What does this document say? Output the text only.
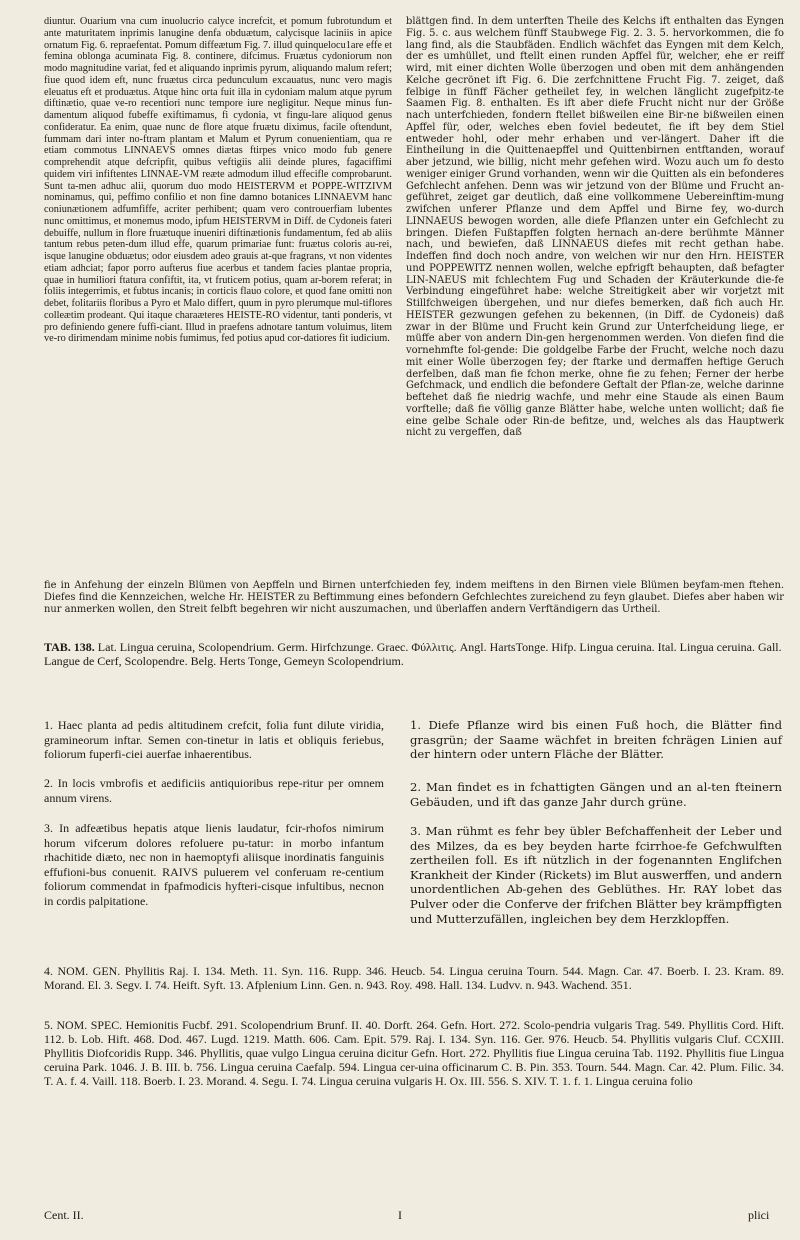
diuntur. Ouarium vna cum inuolucrio calyce increfcit, et pomum fubrotundum et ante maturitatem inprimis lanugine denfa obduætum, calycisque laciniis in apice ornatum Fig. 6. repraefentat. Pomum diffeætum Fig. 7. illud quinquelocu1are effe et femina oblonga acuminata Fig. 8. continere, difcimus. Fruætus cydoniorum non modo magnitudine variat, fed et aliquando inprimis pyrum, aliquando malum refert; fiue quod idem eft, nunc fruætus circa pedunculum excauatus, nunc vero magis eleuatus eft et produætus. Atque hinc orta fuit illa in cydoniam malum atque pyrum diftinætio, quae ve-ro recentiori nunc tempore iure negligitur. Neque minus fun-damentum aliquod fubeffe exiftimamus, fi cydonia, vt fingu-lare aliquod genus confideratur. Ea enim, quae nunc de flore atque fruætu diximus, facile oftendunt, fummam dari inter no-ftram plantam et Malum et Pyrum conuenientiam, qua re etiam commotus LINNAEVS omnes diætas ftirpes vnico modo fub genere comprehendit atque defcripfit, quibus veftigiis alii deinde plures, fagaciffimi quidem viri infiftentes LINNAE-VM reæte admodum illud effecifle comprobarunt. Sunt ta-men adhuc alii, quorum duo modo HEISTERVM et POPPE-WITZIVM nominamus, qui, peffimo confilio et non fine damno botanices LINNAEVM hanc coniunætionem adfumfiffe, acriter perhibent; quam vero controuerfiam lubentes nunc omittimus, et monemus modo, ipfum HEISTERVM in Diff. de Cydoneis fateri debuiffe, nullum in flore fruætuque inueniri diftinætionis fundamentum, fed ab aliis tantum rebus peten-dum illud effe, quarum primariae funt: fruætus coloris au-rei, isque lanugine obduætus; odor eiusdem adeo grauis at-que fragrans, vt non videntes etiam adhciat; fapor porro aufterus fiue acerbus et tandem facies plantae propria, quae in humiliori ftatura confiftit, ita, vt fruticem potius, quam ar-borem referat; in foliis integerrimis, et fubtus incanis; in corticis flauo colore, et quod fane omitti non debet, folitariis floribus a Pyro et Malo differt, quum in pyro plerumque mul-tiflores colleætim prodeant. Qui itaque charaæteres HEISTE-RO videntur, tanti ponderis, vt pro definiendo genere fuffi-ciant. Illud in praefens adnotare tantum voluimus, litem ve-ro dirimendam minime nobis fumimus, fed potius apud cor-datiores fit iudicium.

blättgen find. In dem unterften Theile des Kelchs ift enthalten das Eyngen Fig. 5. c. aus welchem fünff Staubwege Fig. 2. 3. 5. hervorkommen, die fo lang find, als die Staubfäden. Endlich wächfet das Eyngen mit dem Kelch, der es umhüllet, und ftellt einen runden Apffel für, welcher, ehe er reiff wird, mit einer dichten Wolle überzogen und oben mit dem anhängenden Kelche gecrönet ift Fig. 6. Die zerfchnittene Frucht Fig. 7. zeiget, daß felbige in fünff Fächer getheilet fey, in welchen länglicht zugefpitz-te Saamen Fig. 8. enthalten. Es ift aber diefe Frucht nicht nur der Größe nach unterfchieden, fondern ftellet bißweilen eine Bir-ne bißweilen einen Apffel für, oder, welches eben foviel bedeutet, fie ift bey dem Stiel entweder hohl, oder mehr erhaben und ver-längert. Daher ift die Eintheilung in die Quittenaepffel und Quittenbirnen entftanden, worauf aber jetzund, wie billig, nicht mehr gefehen wird. Wozu auch um fo desto weniger einiger Grund vorhanden, wenn wir die Quitten als ein befonderes Gefchlecht anfehen. Denn was wir jetzund von der Blüme und Frucht an-geführet, zeiget gar deutlich, daß eine vollkommene Uebereinftim-mung zwifchen unferer Pflanze und dem Apffel und Birne fey, wo-durch LINNAEUS bewogen worden, alle diefe Pflanzen unter ein Gefchlecht zu bringen. Diefen Fußtapffen folgten hernach an-dere berühmte Männer nach, und bewiefen, daß LINNAEUS diefes mit recht gethan habe. Indeffen find doch noch andre, von welchen wir nur den Hrn. HEISTER und POPPEWITZ nennen wollen, welche epfrigft behaupten, daß befagter LIN-NAEUS mit fchlechtem Fug und Schaden der Kräuterkunde die-fe Verbindung eingeführet habe: welche Streitigkeit aber wir vorjetzt mit Stillfchweigen übergehen, und nur diefes bemerken, daß fich auch Hr. HEISTER gezwungen gefehen zu bekennen, (in Diff. de Cydoneis) daß zwar in der Blüme und Frucht kein Grund zur Unterfcheidung liege, er müffe aber von andern Din-gen hergenommen werden. Von diefen find die vornehmfte fol-gende: Die goldgelbe Farbe der Frucht, welche noch dazu mit einer Wolle überzogen fey; der ftarke und dermaffen heftige Geruch derfelben, daß man fie fchon merke, ohne fie zu fehen; Ferner der herbe Gefchmack, und endlich die befondere Geftalt der Pflan-ze, welche darinne beftehet daß fie niedrig wachfe, und mehr eine Staude als einen Baum vorftelle; daß fie völlig ganze Blätter habe, welche unten wollicht; daß fie eine gelbe Schale oder Rin-de befitze, und, welches als das Hauptwerk nicht zu vergeffen, daß

fie in Anfehung der einzeln Blümen von Aepffeln und Birnen unterfchieden fey, indem meiftens in den Birnen viele Blümen beyfam-men ftehen. Diefes find die Kennzeichen, welche Hr. HEISTER zu Beftimmung eines befondern Gefchlechtes zureichend zu feyn glaubet. Diefes aber haben wir nur anmerken wollen, den Streit felbft begehren wir nicht auszumachen, und überlaffen andern Verftändigern das Urtheil.

TAB. 138. Lat. Lingua ceruina, Scolopendrium. Germ. Hirfchzunge. Graec. Φύλλιτις. Angl. HartsTonge. Hifp. Lingua ceruina. Ital. Lingua ceruina. Gall. Langue de Cerf, Scolopendre. Belg. Herts Tonge, Gemeyn Scolopendrium.

1. Haec planta ad pedis altitudinem crefcit, folia funt dilute viridia, gramineorum inftar. Semen con-tinetur in latis et obliquis feriebus, foliorum fuperfi-ciei auerfae inhaerentibus.

2. In locis vmbrofis et aedificiis antiquioribus repe-ritur per omnem annum virens.

3. In adfeætibus hepatis atque lienis laudatur, fcir-rhofos nimirum horum vifcerum dolores refoluere pu-tatur: in morbo infantum rhachitide diæto, nec non in haemoptyfi aliisque inordinatis fanguinis effufioni-bus conuenit. RAIVS puluerem vel conferuam re-centium foliorum commendat in fpafmodicis hyfteri-cisque infultibus, necnon in cordis palpitatione.

1. Diefe Pflanze wird bis einen Fuß hoch, die Blätter find grasgrün; der Saame wächfet in breiten fchrägen Linien auf der hintern oder untern Fläche der Blätter.

2. Man findet es in fchattigten Gängen und an al-ten fteinern Gebäuden, und ift das ganze Jahr durch grüne.

3. Man rühmt es fehr bey übler Befchaffenheit der Leber und des Milzes, da es bey beyden harte fcirrhoe-fe Gefchwulften zertheilen foll. Es ift nützlich in der fogenannten Englifchen Krankheit der Kinder (Rickets) im Blut auswerffen, und andern unordentlichen Ab-gehen des Geblüthes. Hr. RAY lobet das Pulver oder die Conferve der frifchen Blätter bey krämpffigten und Mutterzufällen, ingleichen bey dem Herzklopffen.

4. NOM. GEN. Phyllitis Raj. I. 134. Meth. 11. Syn. 116. Rupp. 346. Heucb. 54. Lingua ceruina Tourn. 544. Magn. Car. 47. Boerb. I. 23. Kram. 89. Morand. El. 3. Segv. I. 74. Heift. Syft. 13. Afplenium Linn. Gen. n. 943. Roy. 498. Hall. 134. Ludvv. n. 943. Wachend. 351.

5. NOM. SPEC. Hemionitis Fucbf. 291. Scolopendrium Brunf. II. 40. Dorft. 264. Gefn. Hort. 272. Scolo-pendria vulgaris Trag. 549. Phyllitis Cord. Hift. 112. b. Lob. Hift. 468. Dod. 467. Lugd. 1219. Matth. 606. Cam. Epit. 579. Raj. I. 134. Syn. 116. Ger. 976. Heucb. 54. Phyllitis vulgaris Cluf. CCXIII. Phyllitis Diofcoridis Rupp. 346. Phyllitis, quae vulgo Lingua ceruina dicitur Gefn. Hort. 272. Phyllitis fiue Lingua ceruina Tab. 1192. Phyllitis fiue Lingua ceruina Park. 1046. J. B. III. b. 756. Lingua ceruina Caefalp. 594. Lingua cer-uina officinarum C. B. Pin. 353. Tourn. 544. Magn. Car. 42. Plum. Filic. 34. T. A. f. 4. Vaill. 118. Boerb. I. 23. Morand. 4. Segu. I. 74. Lingua ceruina vulgaris H. Ox. III. 556. S. XIV. T. 1. f. 1. Lingua ceruina folio

Cent. II.	I	plici
